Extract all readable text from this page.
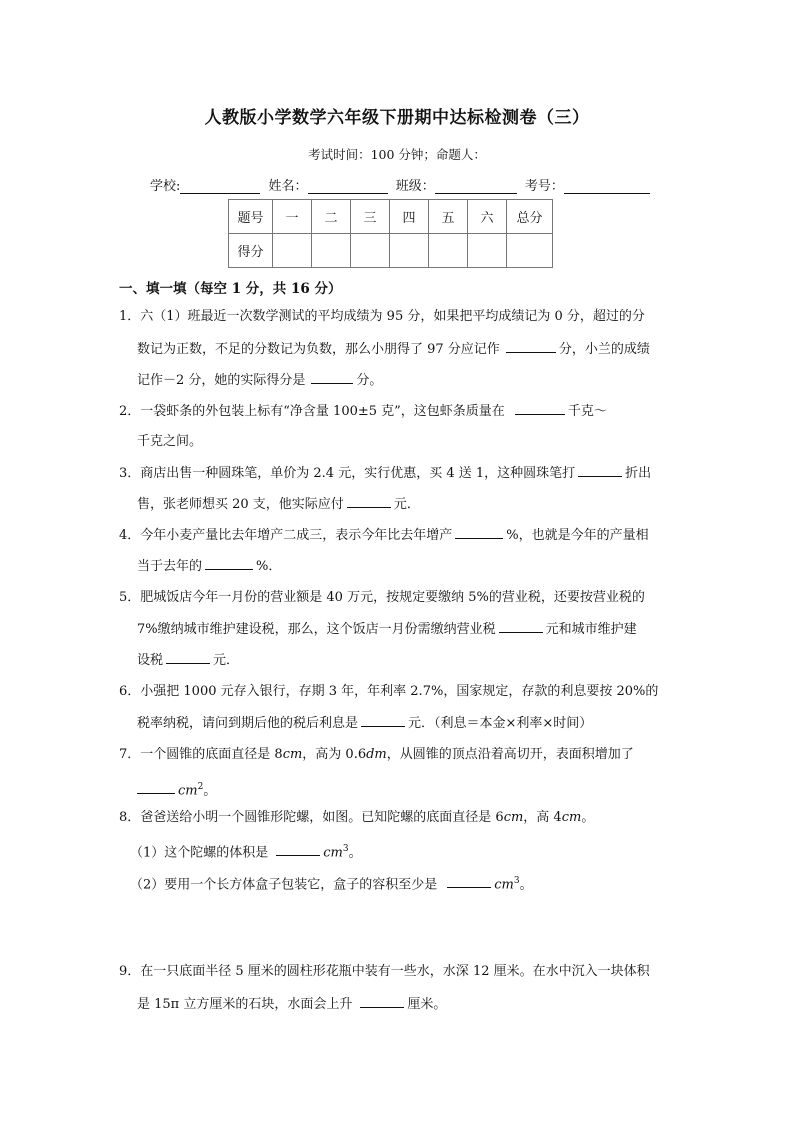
人教版小学数学六年级下册期中达标检测卷（三）
考试时间：100 分钟；命题人：
学校:	姓名：	班级：	考号：
题号	一	二	三	四	五	六	总分
得分							
一、填一填（每空 1 分，共 16 分）
1．六（1）班最近一次数学测试的平均成绩为 95 分，如果把平均成绩记为 0 分，超过的分
数记为正数，不足的分数记为负数，那么小朋得了 97 分应记作	分，小兰的成绩
记作－2 分，她的实际得分是	分。
2．一袋虾条的外包装上标有“净含量 100±5 克”，这包虾条质量在	千克～
千克之间。
3．商店出售一种圆珠笔，单价为 2.4 元，实行优惠，买 4 送 1，这种圆珠笔打	折出
售，张老师想买 20 支，他实际应付	元．
4．今年小麦产量比去年增产二成三，表示今年比去年增产	%，也就是今年的产量相
当于去年的	%．
5．肥城饭店今年一月份的营业额是 40 万元，按规定要缴纳 5%的营业税，还要按营业税的
7%缴纳城市维护建设税，那么，这个饭店一月份需缴纳营业税	元和城市维护建
设税	元．
6．小强把 1000 元存入银行，存期 3 年，年利率 2.7%，国家规定，存款的利息要按 20%的
税率纳税，请问到期后他的税后利息是	元．（利息＝本金×利率×时间）
7．一个圆锥的底面直径是 8cm，高为 0.6dm，从圆锥的顶点沿着高切开，表面积增加了
$cm^2$。
8．爸爸送给小明一个圆锥形陀螺，如图。已知陀螺的底面直径是 6cm，高 4cm。
（1）这个陀螺的体积是	$cm^3$。
（2）要用一个长方体盒子包装它，盒子的容积至少是	$cm^3$。
9．在一只底面半径 5 厘米的圆柱形花瓶中装有一些水，水深 12 厘米。在水中沉入一块体积
是 15π 立方厘米的石块，水面会上升	厘米。
